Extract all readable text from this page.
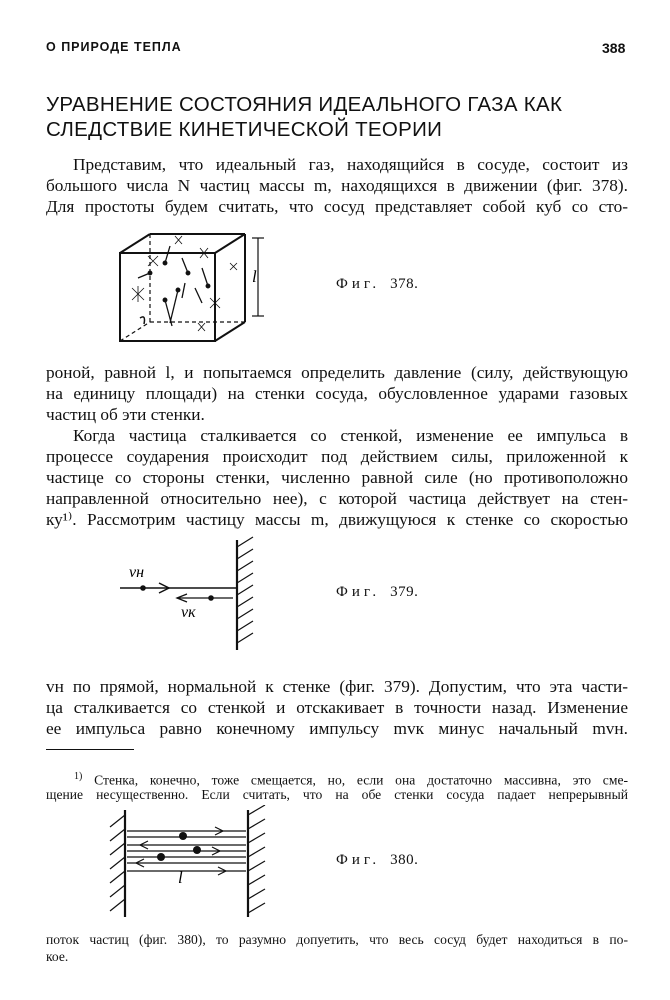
О ПРИРОДЕ ТЕПЛА	388
УРАВНЕНИЕ СОСТОЯНИЯ ИДЕАЛЬНОГО ГАЗА КАК
СЛЕДСТВИЕ КИНЕТИЧЕСКОЙ ТЕОРИИ
Представим, что идеальный газ, находящийся в сосуде, состоит из
большого числа N частиц массы m, находящихся в движении (фиг. 378).
Для простоты будем считать, что сосуд представляет собой куб со сто-
l	Фиг. 378.
роной, равной l, и попытаемся определить давление (силу, действующую
на единицу площади) на стенки сосуда, обусловленное ударами газовых
частиц об эти стенки.
Когда частица сталкивается со стенкой, изменение ее импульса в
процессе соударения происходит под действием силы, приложенной к
частице со стороны стенки, численно равной силе (но противоположно
направленной относительно нее), с которой частица действует на стен-
ку¹⁾. Рассмотрим частицу массы m, движущуюся к стенке со скоростью
vн
vк
Фиг. 379.
vн по прямой, нормальной к стенке (фиг. 379). Допустим, что эта части-
ца сталкивается со стенкой и отскакивает в точности назад. Изменение
ее импульса равно конечному импульсу mvк минус начальный mvн.
$^{1)}$ Стенка, конечно, тоже смещается, но, если она достаточно массивна, это сме-
щение несущественно. Если считать, что на обе стенки сосуда падает непрерывный
l
Фиг. 380.
поток частиц (фиг. 380), то разумно допуетить, что весь сосуд будет находиться в по-
кое.
